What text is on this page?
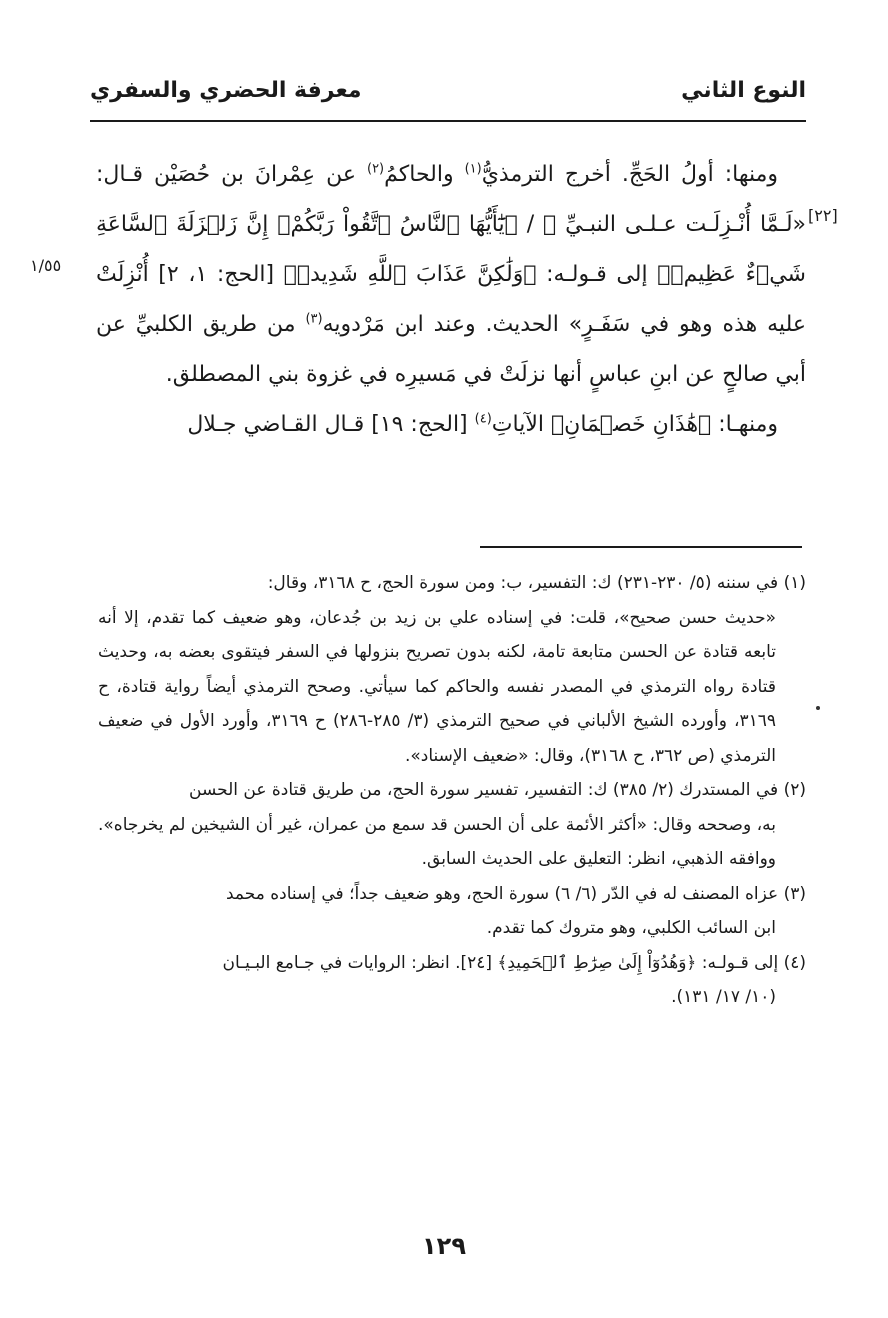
النوع الثاني
معرفة الحضري والسفري
[٢٢]
١/٥٥

ومنها: أولُ الحَجِّ. أخرج الترمذيُّ$^{(١)}$ والحاكمُ$^{(٢)}$ عن عِمْرانَ بن حُصَيْن قـال: «لَـمَّا أُنْـزِلَـت عـلـى النبـيِّ ﷺ / ﴿يَٰٓأَيُّهَا ٱلنَّاسُ ٱتَّقُواْ رَبَّكُمْۚ إِنَّ زَلۡزَلَةَ ٱلسَّاعَةِ شَيۡءٌ عَظِيمٞ﴾ إلى قـولـه: ﴿وَلَٰكِنَّ عَذَابَ ٱللَّهِ شَدِيدٞ﴾ [الحج: ١، ٢] أُنْزِلَتْ عليه هذه وهو في سَفَـرٍ» الحديث. وعند ابن مَرْدويه$^{(٣)}$ من طريق الكلبيِّ عن أبي صالحٍ عن ابنِ عباسٍ أنها نزلَتْ في مَسيرِه في غزوة بني المصطلق.

ومنهـا: ﴿هَٰذَانِ خَصۡمَانِ﴾ الآياتِ$^{(٤)}$ [الحج: ١٩] قـال القـاضي جـلال

(١) في سننه (٥/ ٢٣٠-٢٣١) ك: التفسير، ب: ومن سورة الحج، ح ٣١٦٨، وقال:

«حديث حسن صحيح»، قلت: في إسناده علي بن زيد بن جُدعان، وهو ضعيف كما تقدم، إلا أنه تابعه قتادة عن الحسن متابعة تامة، لكنه بدون تصريح بنزولها في السفر فيتقوى بعضه به، وحديث قتادة رواه الترمذي في المصدر نفسه والحاكم كما سيأتي. وصحح الترمذي أيضاً رواية قتادة، ح ٣١٦٩، وأورده الشيخ الألباني في صحيح الترمذي (٣/ ٢٨٥-٢٨٦) ح ٣١٦٩، وأورد الأول في ضعيف الترمذي (ص ٣٦٢، ح ٣١٦٨)، وقال: «ضعيف الإسناد».

(٢) في المستدرك (٢/ ٣٨٥) ك: التفسير، تفسير سورة الحج، من طريق قتادة عن الحسن

به، وصححه وقال: «أكثر الأئمة على أن الحسن قد سمع من عمران، غير أن الشيخين لم يخرجاه». ووافقه الذهبي، انظر: التعليق على الحديث السابق.

(٣) عزاه المصنف له في الدّر (٦/ ٦) سورة الحج، وهو ضعيف جداً؛ في إسناده محمد

ابن السائب الكلبي، وهو متروك كما تقدم.

(٤) إلى قـولـه: ﴿وَهُدُوٓاْ إِلَىٰ صِرَٰطِ ٱلۡحَمِيدِ﴾ [٢٤]. انظر: الروايات في جـامع البـيـان

(١٠/ ١٧/ ١٣١).

١٢٩
